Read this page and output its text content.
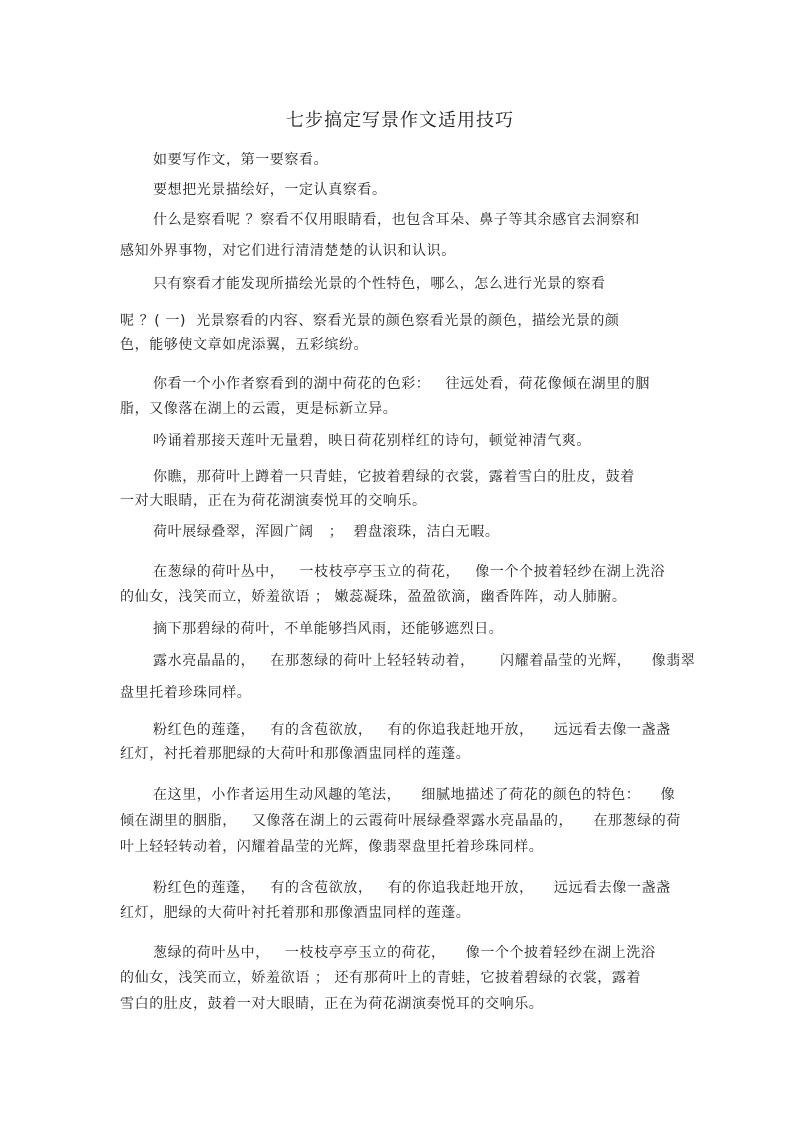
七步搞定写景作文适用技巧
如要写作文，第一要察看。
要想把光景描绘好，一定认真察看。
什么是察看呢 ？察看不仅用眼睛看，也包含耳朵、鼻子等其余感官去洞察和
感知外界事物，对它们进行清清楚楚的认识和认识。
只有察看才能发现所描绘光景的个性特色，哪么，怎么进行光景的察看
呢 ？( 一)  光景察看的内容、察看光景的颜色察看光景的颜色，描绘光景的颜
色，能够使文章如虎添翼，五彩缤纷。
你看一个小作者察看到的湖中荷花的色彩：   往远处看，荷花像倾在湖里的胭
脂，又像落在湖上的云霞，更是标新立异。
吟诵着那接天莲叶无量碧，映日荷花别样红的诗句，顿觉神清气爽。
你瞧，那荷叶上蹲着一只青蛙，它披着碧绿的衣裳，露着雪白的肚皮，鼓着
一对大眼睛，正在为荷花湖演奏悦耳的交响乐。
荷叶展绿叠翠，浑圆广阔   ；  碧盘滚珠，洁白无暇。
在葱绿的荷叶丛中，   一枝枝亭亭玉立的荷花，   像一个个披着轻纱在湖上洗浴
的仙女，浅笑而立，娇羞欲语 ； 嫩蕊凝珠，盈盈欲滴，幽香阵阵，动人肺腑。
摘下那碧绿的荷叶，不单能够挡风雨，还能够遮烈日。
露水亮晶晶的，   在那葱绿的荷叶上轻轻转动着，     闪耀着晶莹的光辉，    像翡翠
盘里托着珍珠同样。
粉红色的莲蓬，   有的含苞欲放，   有的你追我赶地开放，    远远看去像一盏盏
红灯，衬托着那肥绿的大荷叶和那像酒盅同样的莲蓬。
在这里，小作者运用生动风趣的笔法，    细腻地描述了荷花的颜色的特色：    像
倾在湖里的胭脂，   又像落在湖上的云霞荷叶展绿叠翠露水亮晶晶的，    在那葱绿的荷
叶上轻轻转动着，闪耀着晶莹的光辉，像翡翠盘里托着珍珠同样。
粉红色的莲蓬，   有的含苞欲放，   有的你追我赶地开放，    远远看去像一盏盏
红灯，肥绿的大荷叶衬托着那和那像酒盅同样的莲蓬。
葱绿的荷叶丛中，   一枝枝亭亭玉立的荷花，    像一个个披着轻纱在湖上洗浴
的仙女，浅笑而立，娇羞欲语 ； 还有那荷叶上的青蛙，它披着碧绿的衣裳，露着
雪白的肚皮，鼓着一对大眼睛，正在为荷花湖演奏悦耳的交响乐。
